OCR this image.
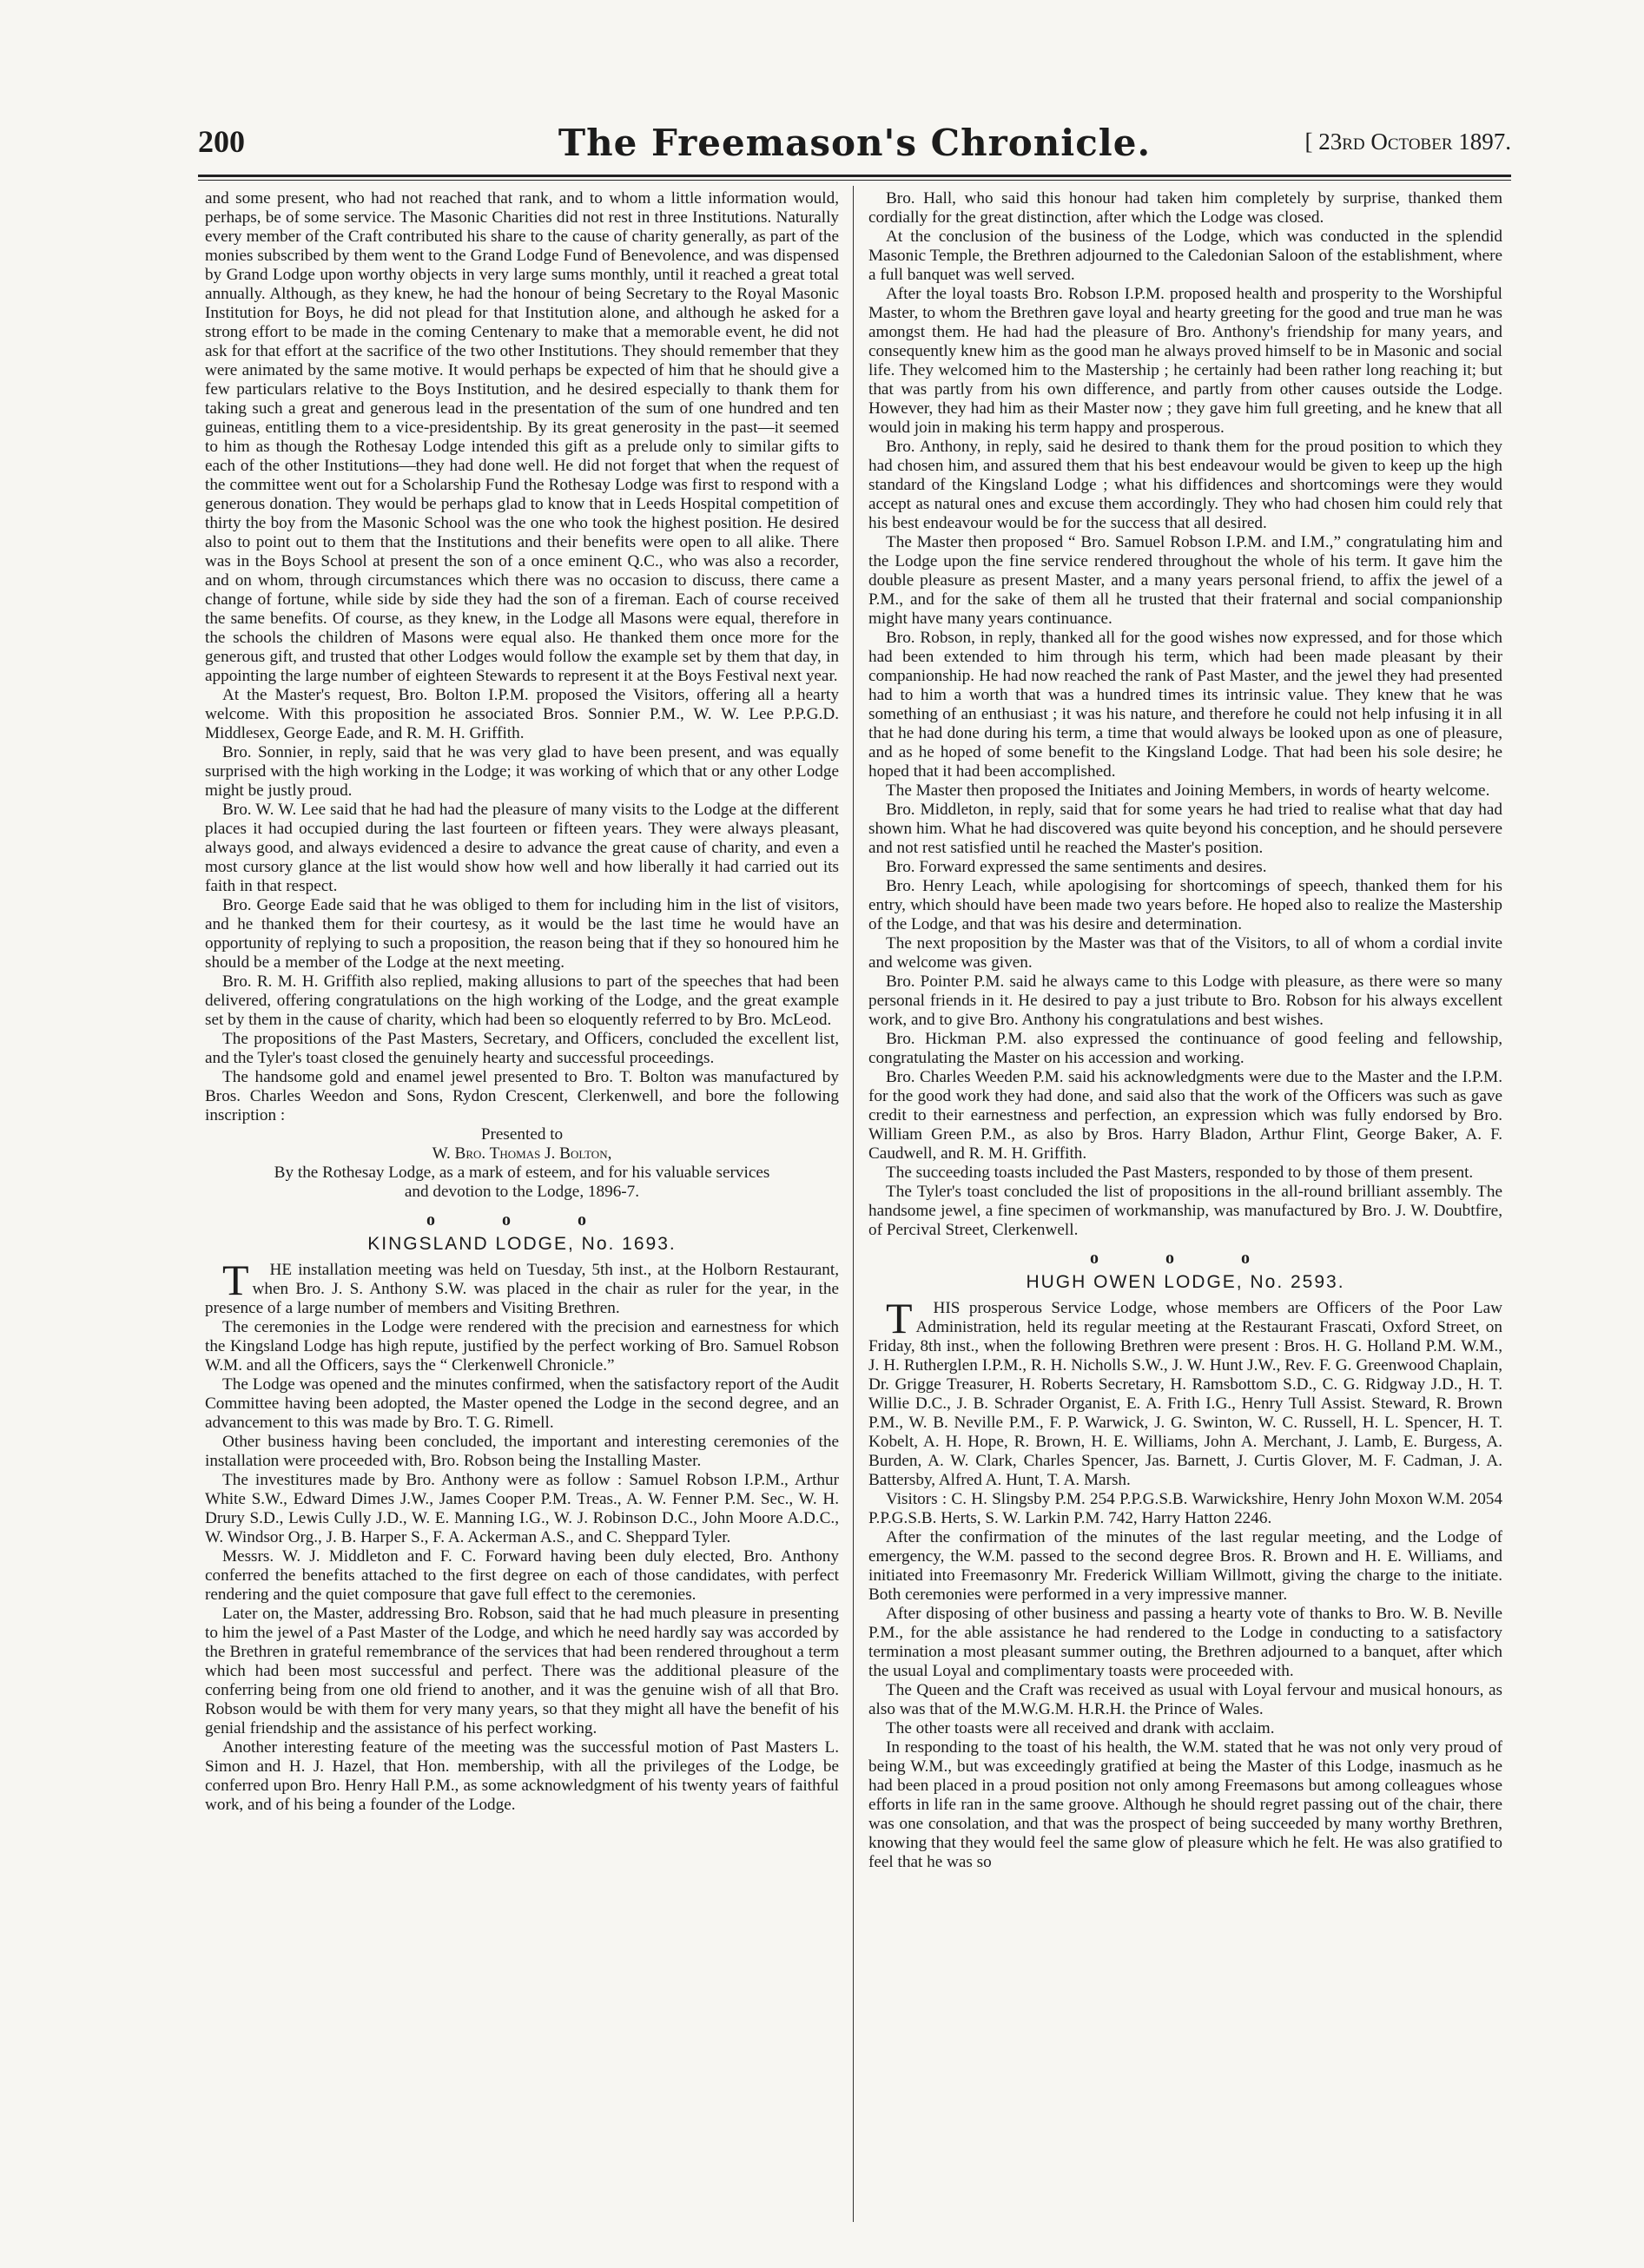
200	The Freemason's Chronicle.	[ 23rd October 1897.

and some present, who had not reached that rank, and to whom a little information would, perhaps, be of some service. The Masonic Charities did not rest in three Institutions. Naturally every member of the Craft contributed his share to the cause of charity generally, as part of the monies subscribed by them went to the Grand Lodge Fund of Benevolence, and was dispensed by Grand Lodge upon worthy objects in very large sums monthly, until it reached a great total annually. Although, as they knew, he had the honour of being Secretary to the Royal Masonic Institution for Boys, he did not plead for that Institution alone, and although he asked for a strong effort to be made in the coming Centenary to make that a memorable event, he did not ask for that effort at the sacrifice of the two other Institutions. They should remember that they were animated by the same motive. It would perhaps be expected of him that he should give a few particulars relative to the Boys Institution, and he desired especially to thank them for taking such a great and generous lead in the presentation of the sum of one hundred and ten guineas, entitling them to a vice-presidentship. By its great generosity in the past—it seemed to him as though the Rothesay Lodge intended this gift as a prelude only to similar gifts to each of the other Institutions—they had done well. He did not forget that when the request of the committee went out for a Scholarship Fund the Rothesay Lodge was first to respond with a generous donation. They would be perhaps glad to know that in Leeds Hospital competition of thirty the boy from the Masonic School was the one who took the highest position. He desired also to point out to them that the Institutions and their benefits were open to all alike. There was in the Boys School at present the son of a once eminent Q.C., who was also a recorder, and on whom, through circumstances which there was no occasion to discuss, there came a change of fortune, while side by side they had the son of a fireman. Each of course received the same benefits. Of course, as they knew, in the Lodge all Masons were equal, therefore in the schools the children of Masons were equal also. He thanked them once more for the generous gift, and trusted that other Lodges would follow the example set by them that day, in appointing the large number of eighteen Stewards to represent it at the Boys Festival next year.

At the Master's request, Bro. Bolton I.P.M. proposed the Visitors, offering all a hearty welcome. With this proposition he associated Bros. Sonnier P.M., W. W. Lee P.P.G.D. Middlesex, George Eade, and R. M. H. Griffith.

Bro. Sonnier, in reply, said that he was very glad to have been present, and was equally surprised with the high working in the Lodge; it was working of which that or any other Lodge might be justly proud.

Bro. W. W. Lee said that he had had the pleasure of many visits to the Lodge at the different places it had occupied during the last fourteen or fifteen years. They were always pleasant, always good, and always evidenced a desire to advance the great cause of charity, and even a most cursory glance at the list would show how well and how liberally it had carried out its faith in that respect.

Bro. George Eade said that he was obliged to them for including him in the list of visitors, and he thanked them for their courtesy, as it would be the last time he would have an opportunity of replying to such a proposition, the reason being that if they so honoured him he should be a member of the Lodge at the next meeting.

Bro. R. M. H. Griffith also replied, making allusions to part of the speeches that had been delivered, offering congratulations on the high working of the Lodge, and the great example set by them in the cause of charity, which had been so eloquently referred to by Bro. McLeod.

The propositions of the Past Masters, Secretary, and Officers, concluded the excellent list, and the Tyler's toast closed the genuinely hearty and successful proceedings.

The handsome gold and enamel jewel presented to Bro. T. Bolton was manufactured by Bros. Charles Weedon and Sons, Rydon Crescent, Clerkenwell, and bore the following inscription :

Presented to

W. Bro. Thomas J. Bolton,

By the Rothesay Lodge, as a mark of esteem, and for his valuable services

and devotion to the Lodge, 1896-7.

o o o
KINGSLAND LODGE, No. 1693.

T HE installation meeting was held on Tuesday, 5th inst., at the Holborn Restaurant, when Bro. J. S. Anthony S.W. was placed in the chair as ruler for the year, in the presence of a large number of members and Visiting Brethren.

The ceremonies in the Lodge were rendered with the precision and earnestness for which the Kingsland Lodge has high repute, justified by the perfect working of Bro. Samuel Robson W.M. and all the Officers, says the “ Clerkenwell Chronicle.”

The Lodge was opened and the minutes confirmed, when the satisfactory report of the Audit Committee having been adopted, the Master opened the Lodge in the second degree, and an advancement to this was made by Bro. T. G. Rimell.

Other business having been concluded, the important and interesting ceremonies of the installation were proceeded with, Bro. Robson being the Installing Master.

The investitures made by Bro. Anthony were as follow : Samuel Robson I.P.M., Arthur White S.W., Edward Dimes J.W., James Cooper P.M. Treas., A. W. Fenner P.M. Sec., W. H. Drury S.D., Lewis Cully J.D., W. E. Manning I.G., W. J. Robinson D.C., John Moore A.D.C., W. Windsor Org., J. B. Harper S., F. A. Ackerman A.S., and C. Sheppard Tyler.

Messrs. W. J. Middleton and F. C. Forward having been duly elected, Bro. Anthony conferred the benefits attached to the first degree on each of those candidates, with perfect rendering and the quiet composure that gave full effect to the ceremonies.

Later on, the Master, addressing Bro. Robson, said that he had much pleasure in presenting to him the jewel of a Past Master of the Lodge, and which he need hardly say was accorded by the Brethren in grateful remembrance of the services that had been rendered throughout a term which had been most successful and perfect. There was the additional pleasure of the conferring being from one old friend to another, and it was the genuine wish of all that Bro. Robson would be with them for very many years, so that they might all have the benefit of his genial friendship and the assistance of his perfect working.

Another interesting feature of the meeting was the successful motion of Past Masters L. Simon and H. J. Hazel, that Hon. membership, with all the privileges of the Lodge, be conferred upon Bro. Henry Hall P.M., as some acknowledgment of his twenty years of faithful work, and of his being a founder of the Lodge.

Bro. Hall, who said this honour had taken him completely by surprise, thanked them cordially for the great distinction, after which the Lodge was closed.

At the conclusion of the business of the Lodge, which was conducted in the splendid Masonic Temple, the Brethren adjourned to the Caledonian Saloon of the establishment, where a full banquet was well served.

After the loyal toasts Bro. Robson I.P.M. proposed health and prosperity to the Worshipful Master, to whom the Brethren gave loyal and hearty greeting for the good and true man he was amongst them. He had had the pleasure of Bro. Anthony's friendship for many years, and consequently knew him as the good man he always proved himself to be in Masonic and social life. They welcomed him to the Mastership ; he certainly had been rather long reaching it; but that was partly from his own difference, and partly from other causes outside the Lodge. However, they had him as their Master now ; they gave him full greeting, and he knew that all would join in making his term happy and prosperous.

Bro. Anthony, in reply, said he desired to thank them for the proud position to which they had chosen him, and assured them that his best endeavour would be given to keep up the high standard of the Kingsland Lodge ; what his diffidences and shortcomings were they would accept as natural ones and excuse them accordingly. They who had chosen him could rely that his best endeavour would be for the success that all desired.

The Master then proposed “ Bro. Samuel Robson I.P.M. and I.M.,” congratulating him and the Lodge upon the fine service rendered throughout the whole of his term. It gave him the double pleasure as present Master, and a many years personal friend, to affix the jewel of a P.M., and for the sake of them all he trusted that their fraternal and social companionship might have many years continuance.

Bro. Robson, in reply, thanked all for the good wishes now expressed, and for those which had been extended to him through his term, which had been made pleasant by their companionship. He had now reached the rank of Past Master, and the jewel they had presented had to him a worth that was a hundred times its intrinsic value. They knew that he was something of an enthusiast ; it was his nature, and therefore he could not help infusing it in all that he had done during his term, a time that would always be looked upon as one of pleasure, and as he hoped of some benefit to the Kingsland Lodge. That had been his sole desire; he hoped that it had been accomplished.

The Master then proposed the Initiates and Joining Members, in words of hearty welcome.

Bro. Middleton, in reply, said that for some years he had tried to realise what that day had shown him. What he had discovered was quite beyond his conception, and he should persevere and not rest satisfied until he reached the Master's position.

Bro. Forward expressed the same sentiments and desires.

Bro. Henry Leach, while apologising for shortcomings of speech, thanked them for his entry, which should have been made two years before. He hoped also to realize the Mastership of the Lodge, and that was his desire and determination.

The next proposition by the Master was that of the Visitors, to all of whom a cordial invite and welcome was given.

Bro. Pointer P.M. said he always came to this Lodge with pleasure, as there were so many personal friends in it. He desired to pay a just tribute to Bro. Robson for his always excellent work, and to give Bro. Anthony his congratulations and best wishes.

Bro. Hickman P.M. also expressed the continuance of good feeling and fellowship, congratulating the Master on his accession and working.

Bro. Charles Weeden P.M. said his acknowledgments were due to the Master and the I.P.M. for the good work they had done, and said also that the work of the Officers was such as gave credit to their earnestness and perfection, an expression which was fully endorsed by Bro. William Green P.M., as also by Bros. Harry Bladon, Arthur Flint, George Baker, A. F. Caudwell, and R. M. H. Griffith.

The succeeding toasts included the Past Masters, responded to by those of them present.

The Tyler's toast concluded the list of propositions in the all-round brilliant assembly. The handsome jewel, a fine specimen of workmanship, was manufactured by Bro. J. W. Doubtfire, of Percival Street, Clerkenwell.

o o o
HUGH OWEN LODGE, No. 2593.

T HIS prosperous Service Lodge, whose members are Officers of the Poor Law Administration, held its regular meeting at the Restaurant Frascati, Oxford Street, on Friday, 8th inst., when the following Brethren were present : Bros. H. G. Holland P.M. W.M., J. H. Rutherglen I.P.M., R. H. Nicholls S.W., J. W. Hunt J.W., Rev. F. G. Greenwood Chaplain, Dr. Grigge Treasurer, H. Roberts Secretary, H. Ramsbottom S.D., C. G. Ridgway J.D., H. T. Willie D.C., J. B. Schrader Organist, E. A. Frith I.G., Henry Tull Assist. Steward, R. Brown P.M., W. B. Neville P.M., F. P. Warwick, J. G. Swinton, W. C. Russell, H. L. Spencer, H. T. Kobelt, A. H. Hope, R. Brown, H. E. Williams, John A. Merchant, J. Lamb, E. Burgess, A. Burden, A. W. Clark, Charles Spencer, Jas. Barnett, J. Curtis Glover, M. F. Cadman, J. A. Battersby, Alfred A. Hunt, T. A. Marsh.

Visitors : C. H. Slingsby P.M. 254 P.P.G.S.B. Warwickshire, Henry John Moxon W.M. 2054 P.P.G.S.B. Herts, S. W. Larkin P.M. 742, Harry Hatton 2246.

After the confirmation of the minutes of the last regular meeting, and the Lodge of emergency, the W.M. passed to the second degree Bros. R. Brown and H. E. Williams, and initiated into Freemasonry Mr. Frederick William Willmott, giving the charge to the initiate. Both ceremonies were performed in a very impressive manner.

After disposing of other business and passing a hearty vote of thanks to Bro. W. B. Neville P.M., for the able assistance he had rendered to the Lodge in conducting to a satisfactory termination a most pleasant summer outing, the Brethren adjourned to a banquet, after which the usual Loyal and complimentary toasts were proceeded with.

The Queen and the Craft was received as usual with Loyal fervour and musical honours, as also was that of the M.W.G.M. H.R.H. the Prince of Wales.

The other toasts were all received and drank with acclaim.

In responding to the toast of his health, the W.M. stated that he was not only very proud of being W.M., but was exceedingly gratified at being the Master of this Lodge, inasmuch as he had been placed in a proud position not only among Freemasons but among colleagues whose efforts in life ran in the same groove. Although he should regret passing out of the chair, there was one consolation, and that was the prospect of being succeeded by many worthy Brethren, knowing that they would feel the same glow of pleasure which he felt. He was also gratified to feel that he was so
